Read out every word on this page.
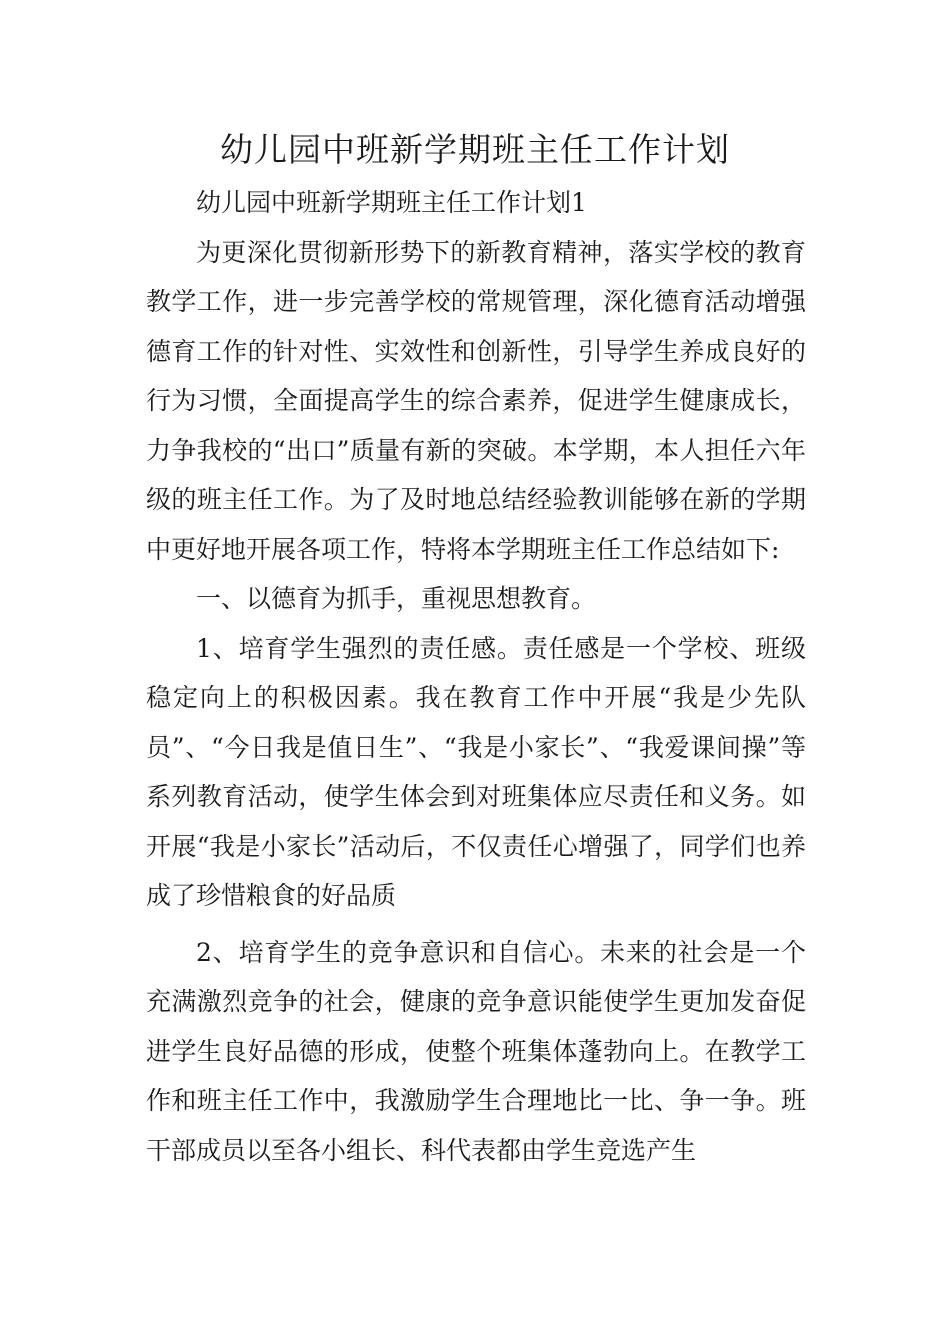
幼儿园中班新学期班主任工作计划

幼儿园中班新学期班主任工作计划1

为更深化贯彻新形势下的新教育精神，落实学校的教育教学工作，进一步完善学校的常规管理，深化德育活动增强德育工作的针对性、实效性和创新性，引导学生养成良好的行为习惯，全面提高学生的综合素养，促进学生健康成长，力争我校的“出口”质量有新的突破。本学期，本人担任六年级的班主任工作。为了及时地总结经验教训能够在新的学期中更好地开展各项工作，特将本学期班主任工作总结如下:

一、以德育为抓手，重视思想教育。

1、培育学生强烈的责任感。责任感是一个学校、班级稳定向上的积极因素。我在教育工作中开展“我是少先队员”、“今日我是值日生”、“我是小家长”、“我爱课间操”等系列教育活动，使学生体会到对班集体应尽责任和义务。如开展“我是小家长”活动后，不仅责任心增强了，同学们也养成了珍惜粮食的好品质

2、培育学生的竞争意识和自信心。未来的社会是一个充满激烈竞争的社会，健康的竞争意识能使学生更加发奋促进学生良好品德的形成，使整个班集体蓬勃向上。在教学工作和班主任工作中，我激励学生合理地比一比、争一争。班干部成员以至各小组长、科代表都由学生竞选产生
